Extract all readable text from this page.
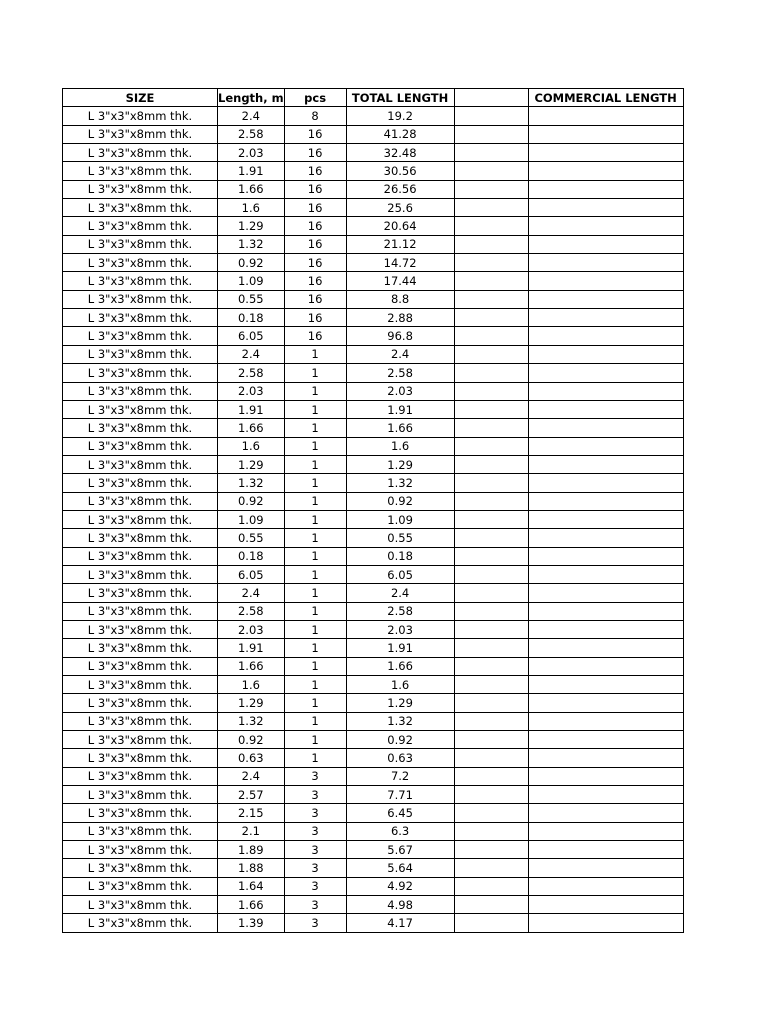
SIZE	Length, m	pcs	TOTAL LENGTH		COMMERCIAL LENGTH
L 3"x3"x8mm thk.	2.4	8	19.2		
L 3"x3"x8mm thk.	2.58	16	41.28		
L 3"x3"x8mm thk.	2.03	16	32.48		
L 3"x3"x8mm thk.	1.91	16	30.56		
L 3"x3"x8mm thk.	1.66	16	26.56		
L 3"x3"x8mm thk.	1.6	16	25.6		
L 3"x3"x8mm thk.	1.29	16	20.64		
L 3"x3"x8mm thk.	1.32	16	21.12		
L 3"x3"x8mm thk.	0.92	16	14.72		
L 3"x3"x8mm thk.	1.09	16	17.44		
L 3"x3"x8mm thk.	0.55	16	8.8		
L 3"x3"x8mm thk.	0.18	16	2.88		
L 3"x3"x8mm thk.	6.05	16	96.8		
L 3"x3"x8mm thk.	2.4	1	2.4		
L 3"x3"x8mm thk.	2.58	1	2.58		
L 3"x3"x8mm thk.	2.03	1	2.03		
L 3"x3"x8mm thk.	1.91	1	1.91		
L 3"x3"x8mm thk.	1.66	1	1.66		
L 3"x3"x8mm thk.	1.6	1	1.6		
L 3"x3"x8mm thk.	1.29	1	1.29		
L 3"x3"x8mm thk.	1.32	1	1.32		
L 3"x3"x8mm thk.	0.92	1	0.92		
L 3"x3"x8mm thk.	1.09	1	1.09		
L 3"x3"x8mm thk.	0.55	1	0.55		
L 3"x3"x8mm thk.	0.18	1	0.18		
L 3"x3"x8mm thk.	6.05	1	6.05		
L 3"x3"x8mm thk.	2.4	1	2.4		
L 3"x3"x8mm thk.	2.58	1	2.58		
L 3"x3"x8mm thk.	2.03	1	2.03		
L 3"x3"x8mm thk.	1.91	1	1.91		
L 3"x3"x8mm thk.	1.66	1	1.66		
L 3"x3"x8mm thk.	1.6	1	1.6		
L 3"x3"x8mm thk.	1.29	1	1.29		
L 3"x3"x8mm thk.	1.32	1	1.32		
L 3"x3"x8mm thk.	0.92	1	0.92		
L 3"x3"x8mm thk.	0.63	1	0.63		
L 3"x3"x8mm thk.	2.4	3	7.2		
L 3"x3"x8mm thk.	2.57	3	7.71		
L 3"x3"x8mm thk.	2.15	3	6.45		
L 3"x3"x8mm thk.	2.1	3	6.3		
L 3"x3"x8mm thk.	1.89	3	5.67		
L 3"x3"x8mm thk.	1.88	3	5.64		
L 3"x3"x8mm thk.	1.64	3	4.92		
L 3"x3"x8mm thk.	1.66	3	4.98		
L 3"x3"x8mm thk.	1.39	3	4.17		
